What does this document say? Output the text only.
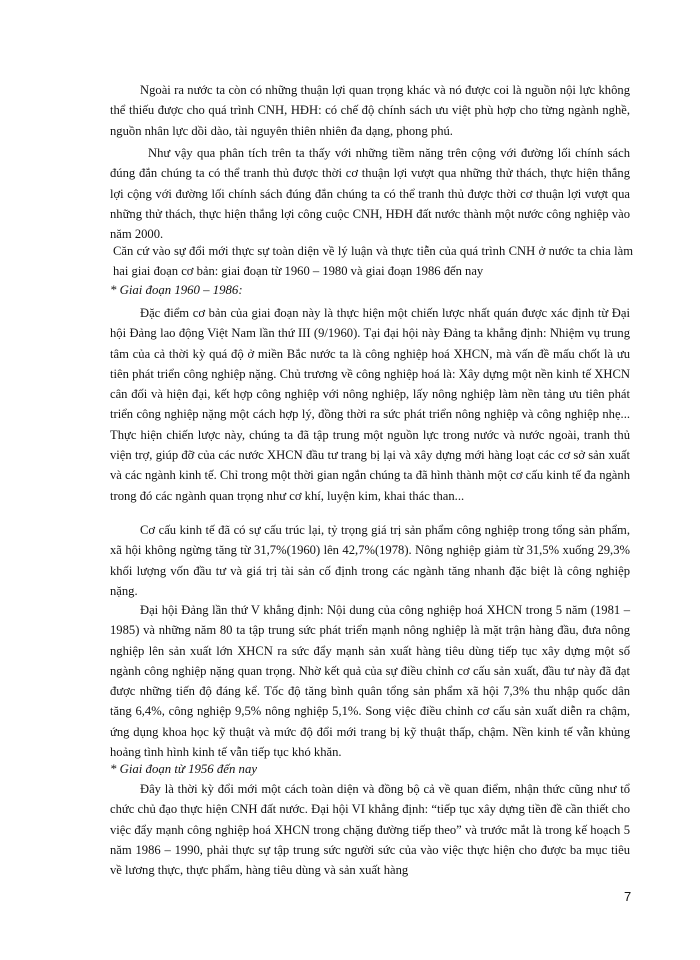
Ngoài ra nước ta còn có những thuận lợi quan trọng khác và nó được coi là nguồn nội lực không thể thiếu được cho quá trình CNH, HĐH: có chế độ chính sách ưu việt phù hợp cho từng ngành nghề, nguồn nhân lực dồi dào, tài nguyên thiên nhiên đa dạng, phong phú.

Như vậy qua phân tích trên ta thấy với những tiềm năng trên cộng với đường lối chính sách đúng đắn chúng ta có thể tranh thủ được thời cơ thuận lợi vượt qua những thử thách, thực hiện thắng lợi cộng với đường lối chính sách đúng đắn chúng ta có thể tranh thủ được thời cơ thuận lợi vượt qua những thử thách, thực hiện thắng lợi công cuộc CNH, HĐH đất nước thành một nước công nghiệp vào năm 2000.

Căn cứ vào sự đổi mới thực sự toàn diện về lý luận và thực tiễn của quá trình CNH ở nước ta chia làm hai giai đoạn cơ bản: giai đoạn từ 1960 – 1980 và giai đoạn 1986 đến nay

* Giai đoạn 1960 – 1986:

Đặc điểm cơ bản của giai đoạn này là thực hiện một chiến lược nhất quán được xác định từ Đại hội Đảng lao động Việt Nam lần thứ III (9/1960). Tại đại hội này Đảng ta khẳng định: Nhiệm vụ trung tâm của cả thời kỳ quá độ ở miền Bắc nước ta là công nghiệp hoá XHCN, mà vấn đề mấu chốt là ưu tiên phát triển công nghiệp nặng. Chủ trương về công nghiệp hoá là: Xây dựng một nền kinh tế XHCN cân đối và hiện đại, kết hợp công nghiệp với nông nghiệp, lấy nông nghiệp làm nền tảng ưu tiên phát triển công nghiệp nặng một cách hợp lý, đồng thời ra sức phát triển nông nghiệp và công nghiệp nhẹ... Thực hiện chiến lược này, chúng ta đã tập trung một nguồn lực trong nước và nước ngoài, tranh thủ viện trợ, giúp đỡ của các nước XHCN đầu tư trang bị lại và xây dựng mới hàng loạt các cơ sở sản xuất và các ngành kinh tế. Chỉ trong một thời gian ngắn chúng ta đã hình thành một cơ cấu kinh tế đa ngành trong đó các ngành quan trọng như cơ khí, luyện kim, khai thác than...

Cơ cấu kinh tế đã có sự cấu trúc lại, tỷ trọng giá trị sản phẩm công nghiệp trong tổng sản phẩm, xã hội không ngừng tăng từ 31,7%(1960) lên 42,7%(1978). Nông nghiệp giảm từ 31,5% xuống 29,3% khối lượng vốn đầu tư và giá trị tài sản cố định trong các ngành tăng nhanh đặc biệt là công nghiệp nặng.

Đại hội Đảng lần thứ V khẳng định: Nội dung của công nghiệp hoá XHCN trong 5 năm (1981 – 1985) và những năm 80 ta tập trung sức phát triển mạnh nông nghiệp là mặt trận hàng đầu, đưa nông nghiệp lên sản xuất lớn XHCN ra sức đẩy mạnh sản xuất hàng tiêu dùng tiếp tục xây dựng một số ngành công nghiệp nặng quan trọng. Nhờ kết quả của sự điều chỉnh cơ cấu sản xuất, đầu tư này đã đạt được những tiến độ đáng kể. Tốc độ tăng bình quân tổng sản phẩm xã hội 7,3% thu nhập quốc dân tăng 6,4%, công nghiệp 9,5% nông nghiệp 5,1%. Song việc điều chỉnh cơ cấu sản xuất diễn ra chậm, ứng dụng khoa học kỹ thuật và mức độ đổi mới trang bị kỹ thuật thấp, chậm. Nền kinh tế vẫn khủng hoảng tình hình kinh tế vẫn tiếp tục khó khăn.

* Giai đoạn từ 1956 đến nay

Đây là thời kỳ đổi mới một cách toàn diện và đồng bộ cả về quan điểm, nhận thức cũng như tổ chức chủ đạo thực hiện CNH đất nước. Đại hội VI khẳng định: “tiếp tục xây dựng tiền đề cần thiết cho việc đẩy mạnh công nghiệp hoá XHCN trong chặng đường tiếp theo” và trước mắt là trong kế hoạch 5 năm 1986 – 1990, phải thực sự tập trung sức người sức của vào việc thực hiện cho được ba mục tiêu về lương thực, thực phẩm, hàng tiêu dùng và sản xuất hàng

7
